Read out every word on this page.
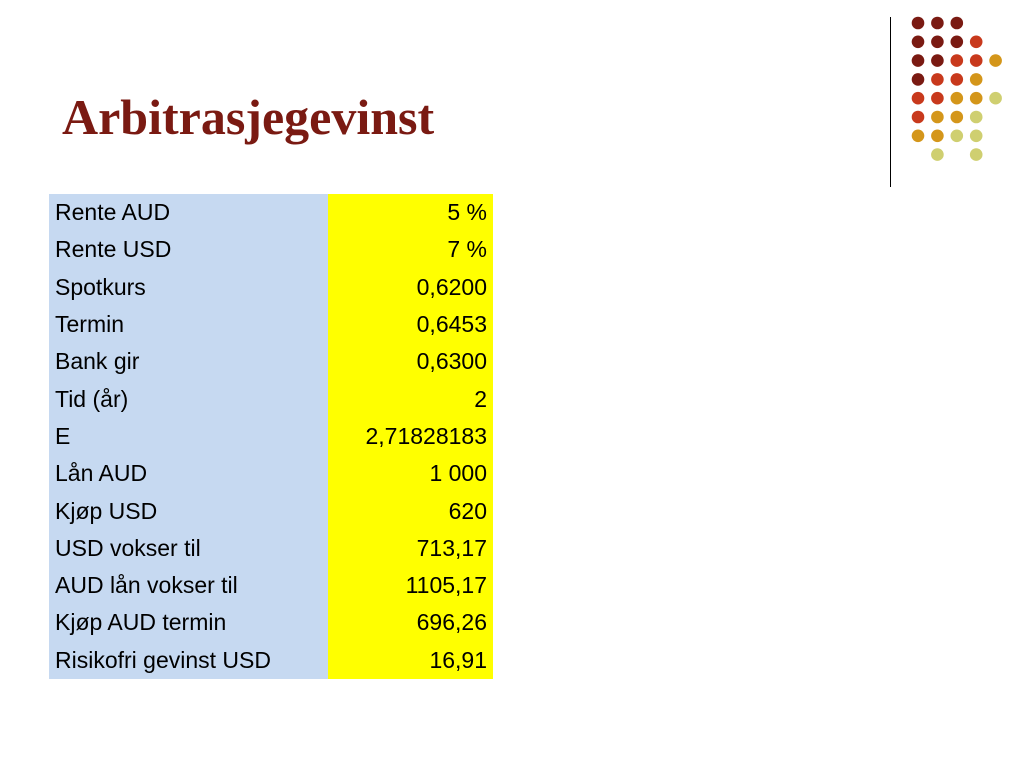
Arbitrasjegevinst
Rente AUD	5 %
Rente USD	7 %
Spotkurs	0,6200
Termin	0,6453
Bank gir	0,6300
Tid (år)	2
E	2,71828183
Lån AUD	1 000
Kjøp USD	620
USD vokser til	713,17
AUD lån vokser til	1105,17
Kjøp AUD termin	696,26
Risikofri gevinst USD	16,91
